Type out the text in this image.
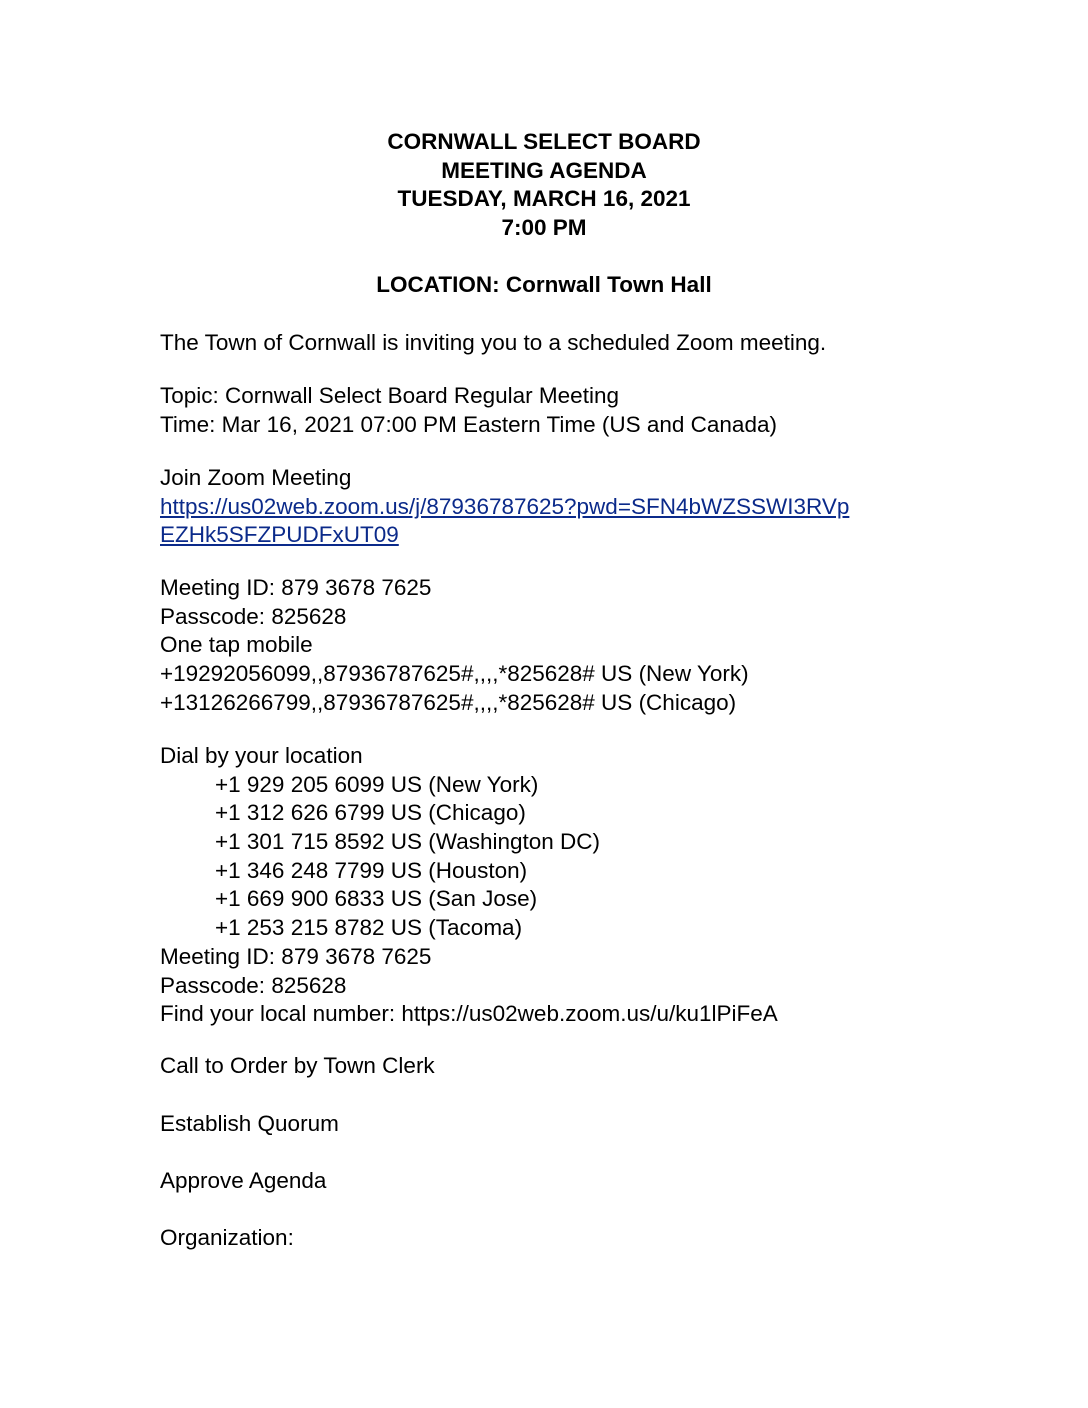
CORNWALL SELECT BOARD
MEETING AGENDA
TUESDAY, MARCH 16, 2021
7:00 PM
LOCATION: Cornwall Town Hall
The Town of Cornwall is inviting you to a scheduled Zoom meeting.
Topic: Cornwall Select Board Regular Meeting
Time: Mar 16, 2021 07:00 PM Eastern Time (US and Canada)
Join Zoom Meeting
https://us02web.zoom.us/j/87936787625?pwd=SFN4bWZSSWI3RVp
EZHk5SFZPUDFxUT09
Meeting ID: 879 3678 7625
Passcode: 825628
One tap mobile
+19292056099,,87936787625#,,,,*825628# US (New York)
+13126266799,,87936787625#,,,,*825628# US (Chicago)
Dial by your location
+1 929 205 6099 US (New York)
+1 312 626 6799 US (Chicago)
+1 301 715 8592 US (Washington DC)
+1 346 248 7799 US (Houston)
+1 669 900 6833 US (San Jose)
+1 253 215 8782 US (Tacoma)
Meeting ID: 879 3678 7625
Passcode: 825628
Find your local number: https://us02web.zoom.us/u/ku1lPiFeA
Call to Order by Town Clerk
Establish Quorum
Approve Agenda
Organization:
